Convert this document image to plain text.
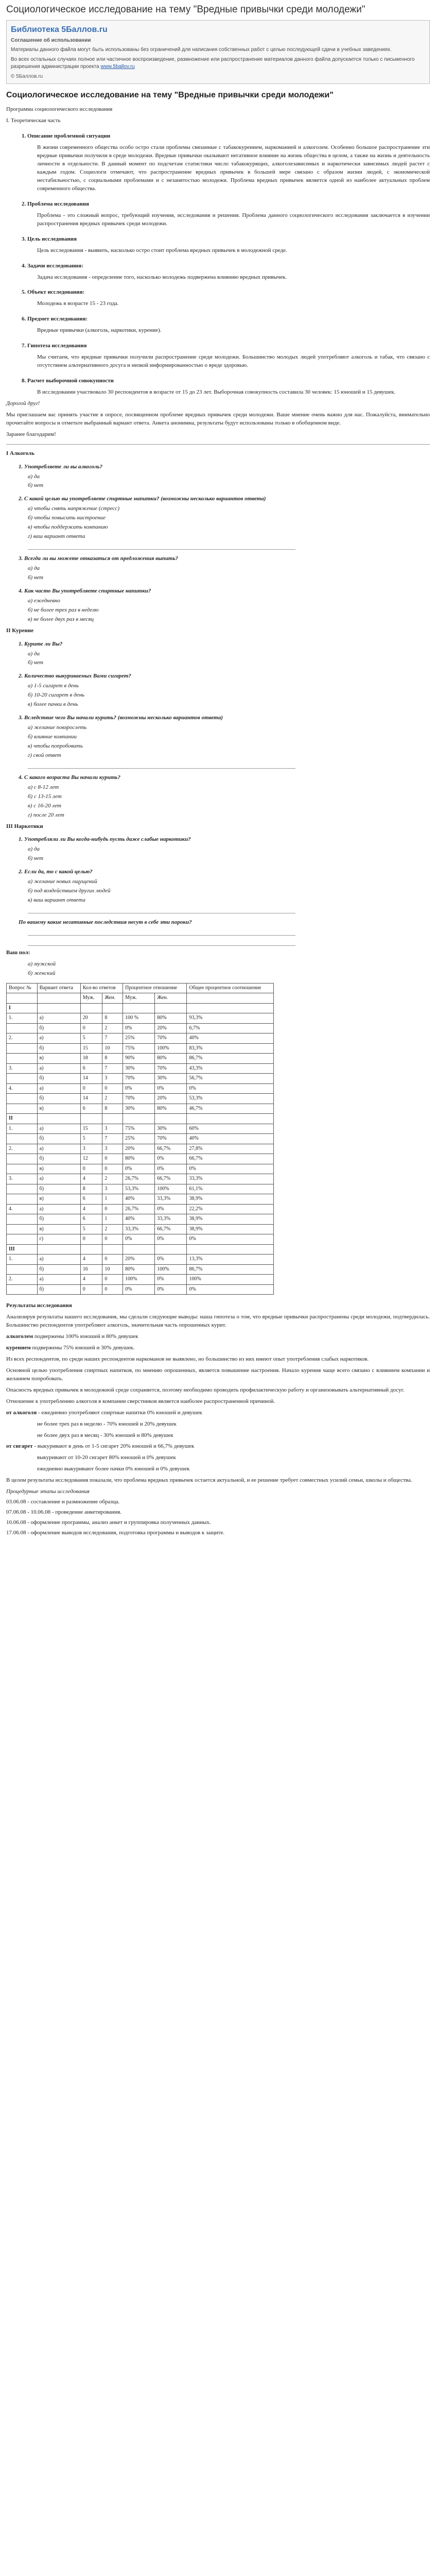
Социологическое исследование на тему "Вредные привычки среди молодежи"
Библиотека 5Баллов.ru
Соглашение об использовании

Материалы данного файла могут быть использованы без ограничений для написания собственных работ с целью последующей сдачи в учебных заведениях.

Во всех остальных случаях полное или частичное воспроизведение, размножение или распространение материалов данного файла допускается только с письменного разрешения администрации проекта www.5ballov.ru

© 5Баллов.ru
Социологическое исследование на тему "Вредные привычки среди молодежи"

Программа социологического исследования

I. Теоретическая часть

1. Описание проблемной ситуации
В жизни современного общества особо остро стали проблемы связанные с табакокурением, наркоманией и алкоголем. Особенно большое распространение эти вредные привычки получили в среде молодежи. Вредные привычки оказывают негативное влияние на жизнь общества в целом, а также на жизнь и деятельность личности в отдельности. В данный момент по подсчетам статистики число табакокурящих, алкоголезависимых и наркотически зависимых людей растет с каждым годом. Социологи отмечают, что распространение вредных привычек в большей мере связано с образом жизни людей, с экономической нестабильностью, с социальными проблемами и с незанятостью молодежи. Проблема вредных привычек является одной из наиболее актуальных проблем современного общества.
2. Проблема исследования
Проблема - это сложный вопрос, требующий изучения, исследования и решения. Проблема данного социологического исследования заключается в изучении распространения вредных привычек среди молодежи.
3. Цель исследования
Цель исследования - выявить, насколько остро стоит проблема вредных привычек в молодежной среде.
4. Задачи исследования:
Задача исследования - определение того, насколько молодежь подвержена влиянию вредных привычек.
5. Объект исследования:
Молодежь в возрасте 15 - 23 года.
6. Предмет исследования:
Вредные привычки (алкоголь, наркотики, курение).
7. Гипотеза исследования
Мы считаем, что вредные привычки получили распространение среди молодежи. Большинство молодых людей употребляют алкоголь и табак, что связано с отсутствием альтернативного досуга и низкой информированностью о вреде здоровью.
8. Расчет выборочной совокупности
В исследовании участвовало 30 респондентов в возрасте от 15 до 23 лет. Выборочная совокупность составила 30 человек: 15 юношей и 15 девушек.

Дорогой друг!

Мы приглашаем вас принять участие в опросе, посвященном проблеме вредных привычек среди молодежи. Ваше мнение очень важно для нас. Пожалуйста, внимательно прочитайте вопросы и отметьте выбранный вариант ответа. Анкета анонимна, результаты будут использованы только в обобщенном виде.

Заранее благодарим!

I Алкоголь

1. Употребляете ли вы алкоголь?
а) да
б) нет
2. С какой целью вы употребляете спиртные напитки? (возможны несколько вариантов ответа)
а) чтобы снять напряжение (стресс)
б) чтобы повысить настроение
в) чтобы поддержать компанию
г) ваш вариант ответа
3. Всегда ли вы можете отказаться от предложения выпить?
а) да
б) нет
4. Как часто Вы употребляете спиртные напитки?
а) ежедневно
б) не более трех раз в неделю
в) не более двух раз в месяц

II Курение

1. Курите ли Вы?
а) да
б) нет
2. Количество выкуриваемых Вами сигарет?
а) 1-5 сигарет в день
б) 10-20 сигарет в день
в) более пачки в день
3. Вследствие чего Вы начали курить? (возможны несколько вариантов ответа)
а) желание повзрослеть
б) влияние компании
в) чтобы попробовать
г) свой ответ
4. С какого возраста Вы начали курить?
а) с 8-12 лет
б) с 13-15 лет
в) с 16-20 лет
г) после 20 лет

III Наркотики

1. Употребляли ли Вы когда-нибудь пусть даже слабые наркотики?
а) да
б) нет
2. Если да, то с какой целью?
а) желание новых ощущений
б) под воздействием других людей
в) ваш вариант ответа
По вашему какие негативные последствия несут в себе эти пороки?

Ваш пол:

а) мужской
б) женский
Вопрос №	Вариант ответа	Кол-во ответов		Процентное отношение		Общее процентное соотношение
		Муж.	Жен.	Муж.	Жен.	
I						
1.	а)	20	8	100 %	80%	93,3%
	б)	0	2	0%	20%	6,7%
2.	а)	5	7	25%	70%	40%
	б)	15	10	75%	100%	83,3%
	в)	18	8	90%	80%	86,7%
3.	а)	6	7	30%	70%	43,3%
	б)	14	3	70%	30%	56,7%
4.	а)	0	0	0%	0%	0%
	б)	14	2	70%	20%	53,3%
	в)	6	8	30%	80%	46,7%
II						
1.	а)	15	3	75%	30%	60%
	б)	5	7	25%	70%	40%
2.	а)	3	3	20%	66,7%	27,8%
	б)	12	0	80%	0%	66,7%
	в)	0	0	0%	0%	0%
3.	а)	4	2	26,7%	66,7%	33,3%
	б)	8	3	53,3%	100%	61,1%
	в)	6	1	40%	33,3%	38,9%
4.	а)	4	0	26,7%	0%	22,2%
	б)	6	1	40%	33,3%	38,9%
	в)	5	2	33,3%	66,7%	38,9%
	г)	0	0	0%	0%	0%
III						
1.	а)	4	0	20%	0%	13,3%
	б)	16	10	80%	100%	86,7%
2.	а)	4	0	100%	0%	100%
	б)	0	0	0%	0%	0%

Результаты исследования

Анализируя результаты нашего исследования, мы сделали следующие выводы: наша гипотеза о том, что вредные привычки распространены среди молодежи, подтвердилась. Большинство респондентов употребляют алкоголь, значительная часть опрошенных курит.

алкоголем подвержены 100% юношей и 80% девушек

курением подвержены 75% юношей и 30% девушек.

Из всех респондентов, по среди наших респондентов наркоманов не выявлено, но большинство из них имеют опыт употребления слабых наркотиков.

Основной целью употребления спиртных напитков, по мнению опрошенных, является повышение настроения. Начало курения чаще всего связано с влиянием компании и желанием попробовать.

Опасность вредных привычек в молодежной среде сохраняется, поэтому необходимо проводить профилактическую работу и организовывать альтернативный досуг.

Отношение к употреблению алкоголя в компании сверстников является наиболее распространенной причиной.

от алкоголя - ежедневно употребляют спиртные напитки 0% юношей и девушек

не более трех раз в неделю - 70% юношей и 20% девушек

не более двух раз в месяц - 30% юношей и 80% девушек

от сигарет - выкуривают в день от 1-5 сигарет 20% юношей и 66,7% девушек

выкуривают от 10-20 сигарет 80% юношей и 0% девушек

ежедневно выкуривают более пачки 0% юношей и 0% девушек

В целом результаты исследования показали, что проблема вредных привычек остается актуальной, и ее решение требует совместных усилий семьи, школы и общества.

Процедурные этапы исследования

03.06.08 - составление и размножение образца.

07.06.08 - 10.06.08 - проведение анкетирования.

10.06.08 - оформление программы, анализ анкет и группировка полученных данных.

17.06.08 - оформление выводов исследования, подготовка программы и выводов к защите.
